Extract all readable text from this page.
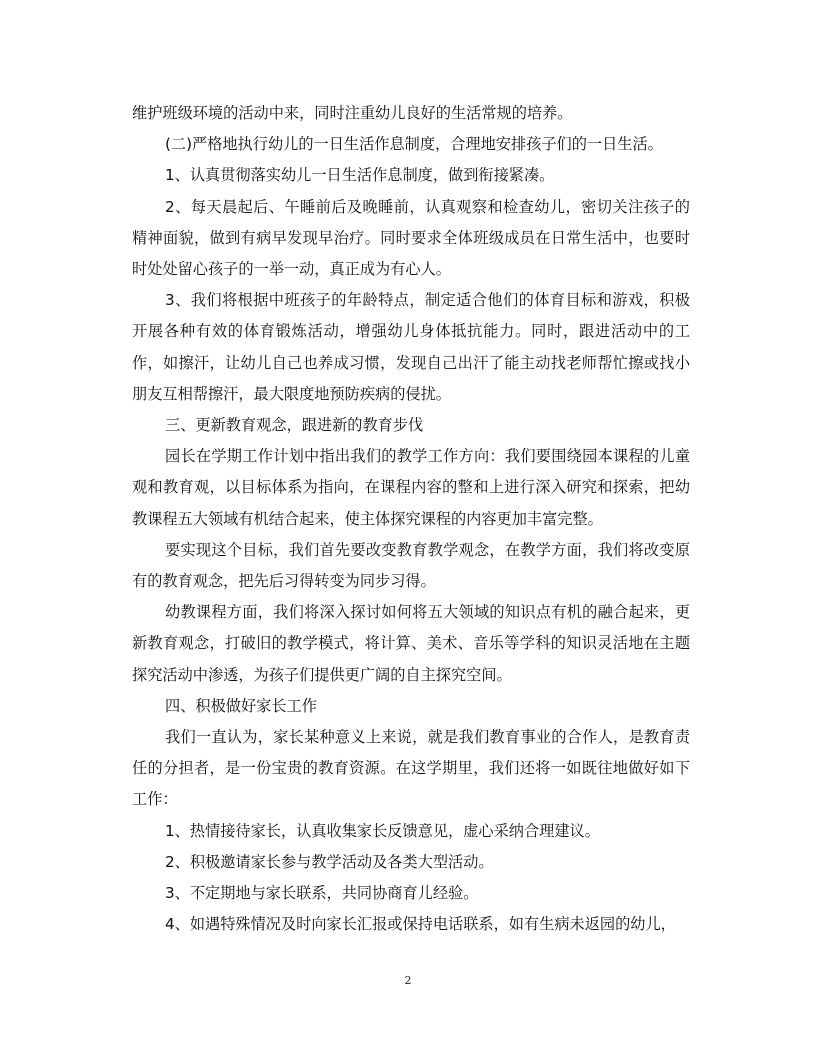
维护班级环境的活动中来，同时注重幼儿良好的生活常规的培养。

(二)严格地执行幼儿的一日生活作息制度，合理地安排孩子们的一日生活。

1、认真贯彻落实幼儿一日生活作息制度，做到衔接紧凑。

2、每天晨起后、午睡前后及晚睡前，认真观察和检查幼儿，密切关注孩子的精神面貌，做到有病早发现早治疗。同时要求全体班级成员在日常生活中，也要时时处处留心孩子的一举一动，真正成为有心人。

3、我们将根据中班孩子的年龄特点，制定适合他们的体育目标和游戏，积极开展各种有效的体育锻炼活动，增强幼儿身体抵抗能力。同时，跟进活动中的工作，如擦汗，让幼儿自己也养成习惯，发现自己出汗了能主动找老师帮忙擦或找小朋友互相帮擦汗，最大限度地预防疾病的侵扰。

三、更新教育观念，跟进新的教育步伐

园长在学期工作计划中指出我们的教学工作方向：我们要围绕园本课程的儿童观和教育观，以目标体系为指向，在课程内容的整和上进行深入研究和探索，把幼教课程五大领域有机结合起来，使主体探究课程的内容更加丰富完整。

要实现这个目标，我们首先要改变教育教学观念，在教学方面，我们将改变原有的教育观念，把先后习得转变为同步习得。

幼教课程方面，我们将深入探讨如何将五大领域的知识点有机的融合起来，更新教育观念，打破旧的教学模式，将计算、美术、音乐等学科的知识灵活地在主题探究活动中渗透，为孩子们提供更广阔的自主探究空间。

四、积极做好家长工作

我们一直认为，家长某种意义上来说，就是我们教育事业的合作人，是教育责任的分担者，是一份宝贵的教育资源。在这学期里，我们还将一如既往地做好如下工作：

1、热情接待家长，认真收集家长反馈意见，虚心采纳合理建议。

2、积极邀请家长参与教学活动及各类大型活动。

3、不定期地与家长联系，共同协商育儿经验。

4、如遇特殊情况及时向家长汇报或保持电话联系，如有生病未返园的幼儿，

2
